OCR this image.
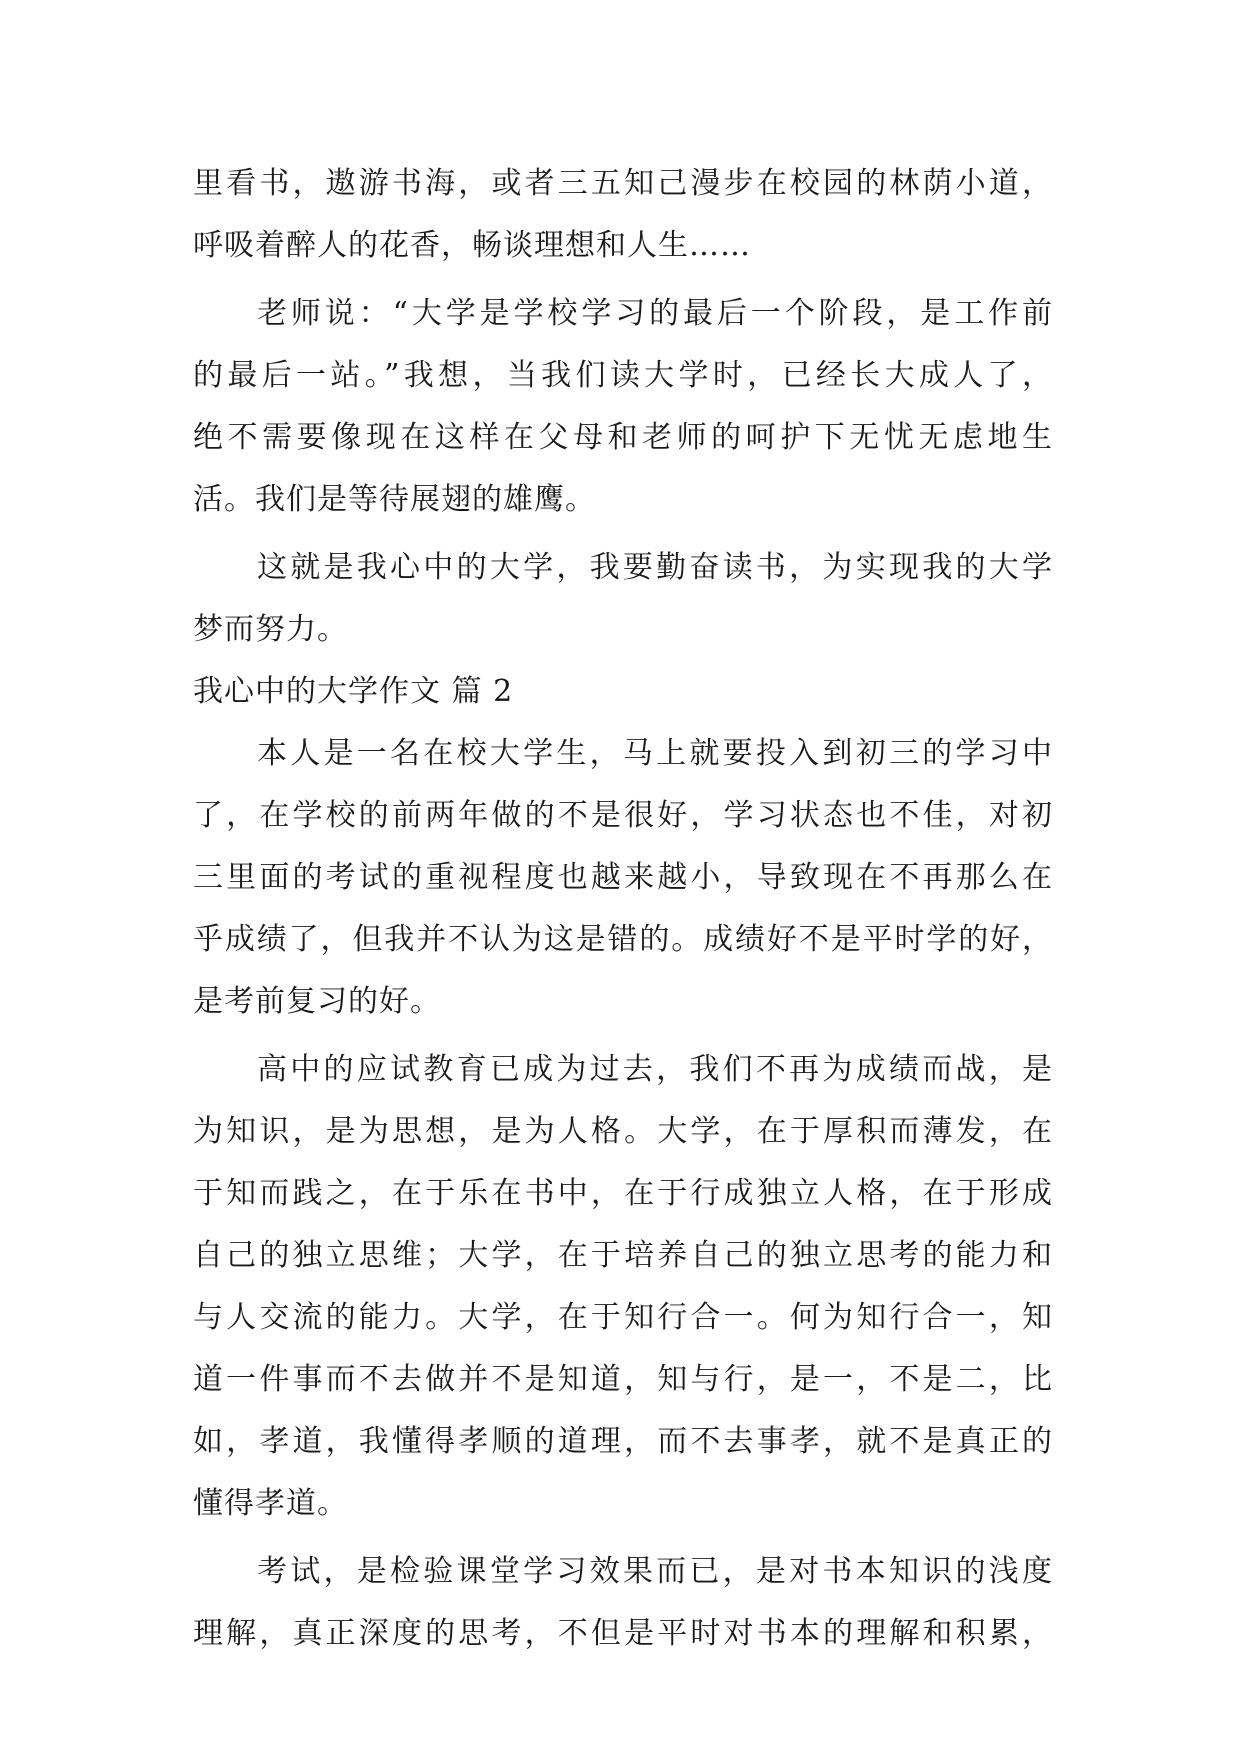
里看书，遨游书海，或者三五知己漫步在校园的林荫小道，
呼吸着醉人的花香，畅谈理想和人生……
老师说：“大学是学校学习的最后一个阶段，是工作前
的最后一站。”我想，当我们读大学时，已经长大成人了，
绝不需要像现在这样在父母和老师的呵护下无忧无虑地生
活。我们是等待展翅的雄鹰。
这就是我心中的大学，我要勤奋读书，为实现我的大学
梦而努力。
我心中的大学作文 篇 2
本人是一名在校大学生，马上就要投入到初三的学习中
了，在学校的前两年做的不是很好，学习状态也不佳，对初
三里面的考试的重视程度也越来越小，导致现在不再那么在
乎成绩了，但我并不认为这是错的。成绩好不是平时学的好，
是考前复习的好。
高中的应试教育已成为过去，我们不再为成绩而战，是
为知识，是为思想，是为人格。大学，在于厚积而薄发，在
于知而践之，在于乐在书中，在于行成独立人格，在于形成
自己的独立思维；大学，在于培养自己的独立思考的能力和
与人交流的能力。大学，在于知行合一。何为知行合一，知
道一件事而不去做并不是知道，知与行，是一，不是二，比
如，孝道，我懂得孝顺的道理，而不去事孝，就不是真正的
懂得孝道。
考试，是检验课堂学习效果而已，是对书本知识的浅度
理解，真正深度的思考，不但是平时对书本的理解和积累，
